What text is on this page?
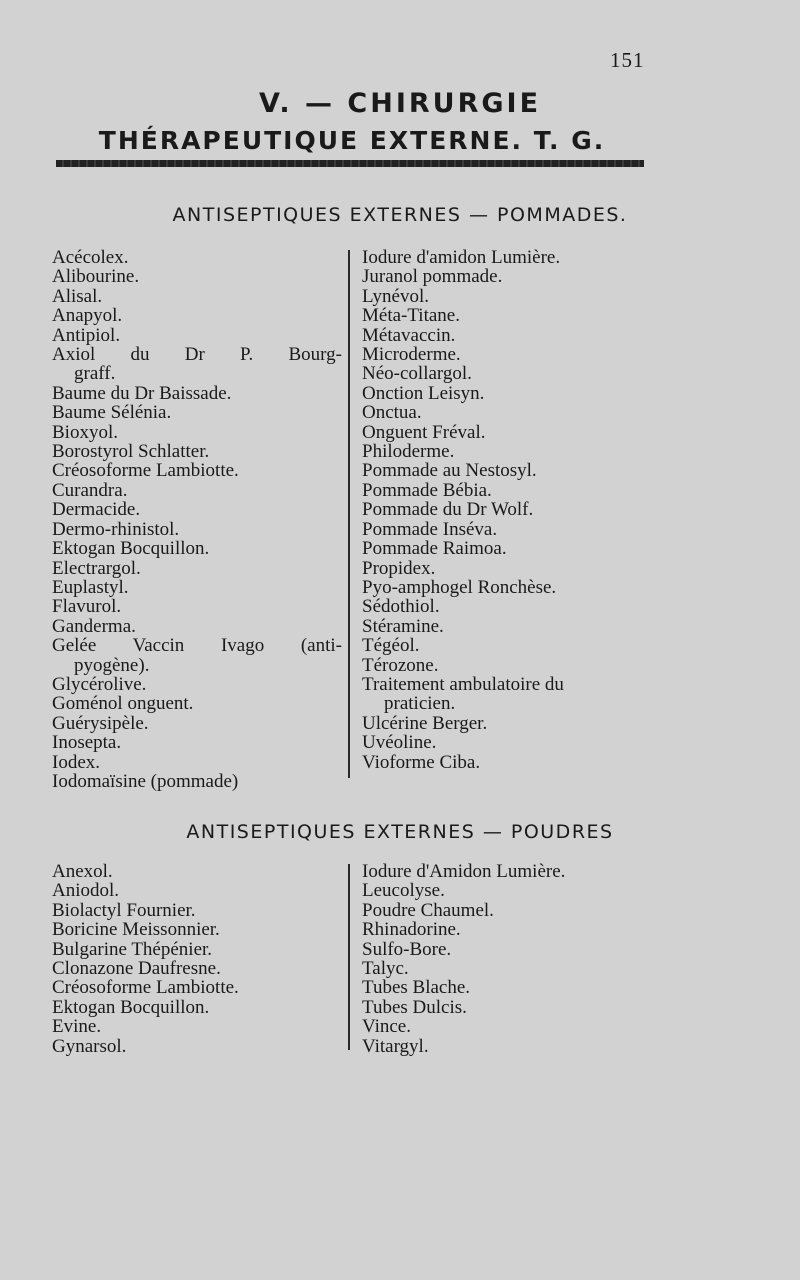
151
V. — CHIRURGIE
THÉRAPEUTIQUE EXTERNE. T. G.
ANTISEPTIQUES EXTERNES — POMMADES.
Acécolex.
Alibourine.
Alisal.
Anapyol.
Antipiol.
Axiol du Dr P. Bourg-
graff.
Baume du Dr Baissade.
Baume Sélénia.
Bioxyol.
Borostyrol Schlatter.
Créosoforme Lambiotte.
Curandra.
Dermacide.
Dermo-rhinistol.
Ektogan Bocquillon.
Electrargol.
Euplastyl.
Flavurol.
Ganderma.
Gelée Vaccin Ivago (anti-
pyogène).
Glycérolive.
Goménol onguent.
Guérysipèle.
Inosepta.
Iodex.
Iodomaïsine (pommade)
Iodure d'amidon Lumière.
Juranol pommade.
Lynévol.
Méta-Titane.
Métavaccin.
Microderme.
Néo-collargol.
Onction Leisyn.
Onctua.
Onguent Fréval.
Philoderme.
Pommade au Nestosyl.
Pommade Bébia.
Pommade du Dr Wolf.
Pommade Inséva.
Pommade Raimoa.
Propidex.
Pyo-amphogel Ronchèse.
Sédothiol.
Stéramine.
Tégéol.
Térozone.
Traitement ambulatoire du
praticien.
Ulcérine Berger.
Uvéoline.
Vioforme Ciba.
ANTISEPTIQUES EXTERNES — POUDRES
Anexol.
Aniodol.
Biolactyl Fournier.
Boricine Meissonnier.
Bulgarine Thépénier.
Clonazone Daufresne.
Créosoforme Lambiotte.
Ektogan Bocquillon.
Evine.
Gynarsol.
Iodure d'Amidon Lumière.
Leucolyse.
Poudre Chaumel.
Rhinadorine.
Sulfo-Bore.
Talyc.
Tubes Blache.
Tubes Dulcis.
Vince.
Vitargyl.
